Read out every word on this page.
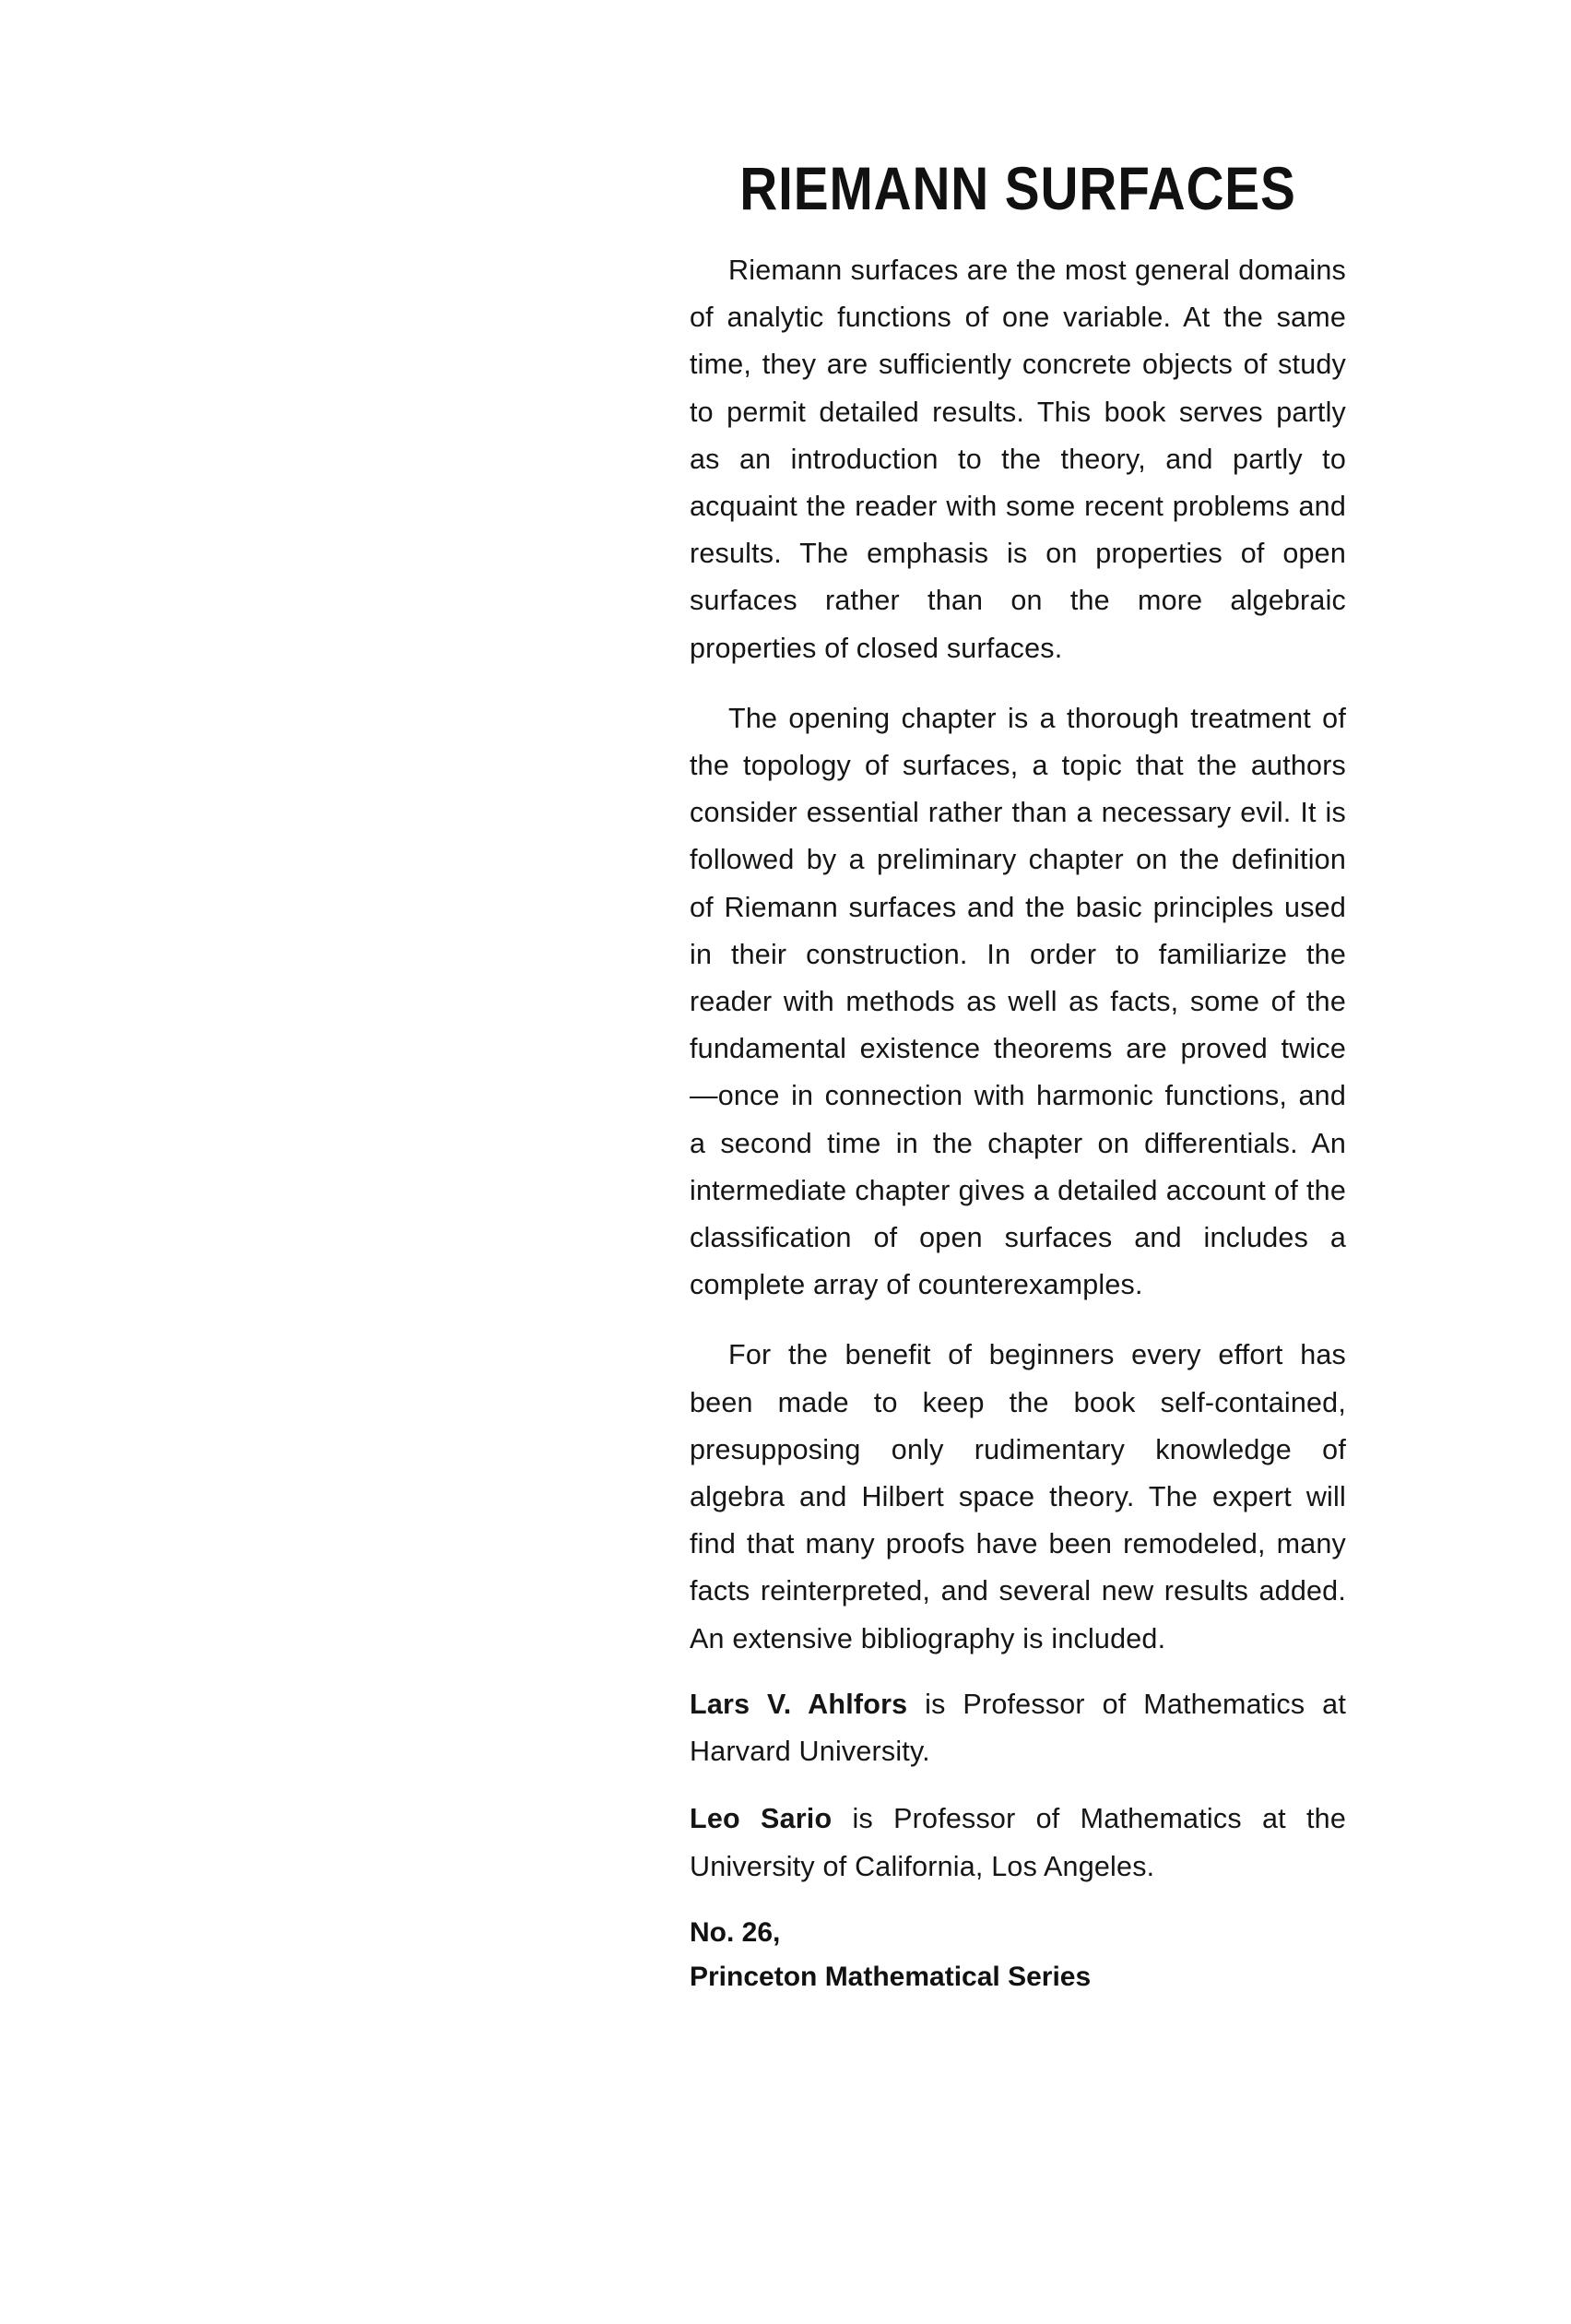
RIEMANN SURFACES

Riemann surfaces are the most general domains of analytic functions of one variable. At the same time, they are sufficiently concrete objects of study to permit detailed results. This book serves partly as an introduction to the theory, and partly to acquaint the reader with some recent problems and results. The emphasis is on properties of open surfaces rather than on the more algebraic properties of closed surfaces.

The opening chapter is a thorough treatment of the topology of surfaces, a topic that the authors consider essential rather than a necessary evil. It is followed by a preliminary chapter on the definition of Riemann surfaces and the basic principles used in their construction. In order to familiarize the reader with methods as well as facts, some of the fundamental existence theorems are proved twice—once in connection with harmonic functions, and a second time in the chapter on differentials. An intermediate chapter gives a detailed account of the classification of open surfaces and includes a complete array of counterexamples.

For the benefit of beginners every effort has been made to keep the book self-contained, presupposing only rudimentary knowledge of algebra and Hilbert space theory. The expert will find that many proofs have been remodeled, many facts reinterpreted, and several new results added. An extensive bibliography is included.

Lars V. Ahlfors is Professor of Mathematics at Harvard University.

Leo Sario is Professor of Mathematics at the University of California, Los Angeles.

No. 26,
Princeton Mathematical Series
